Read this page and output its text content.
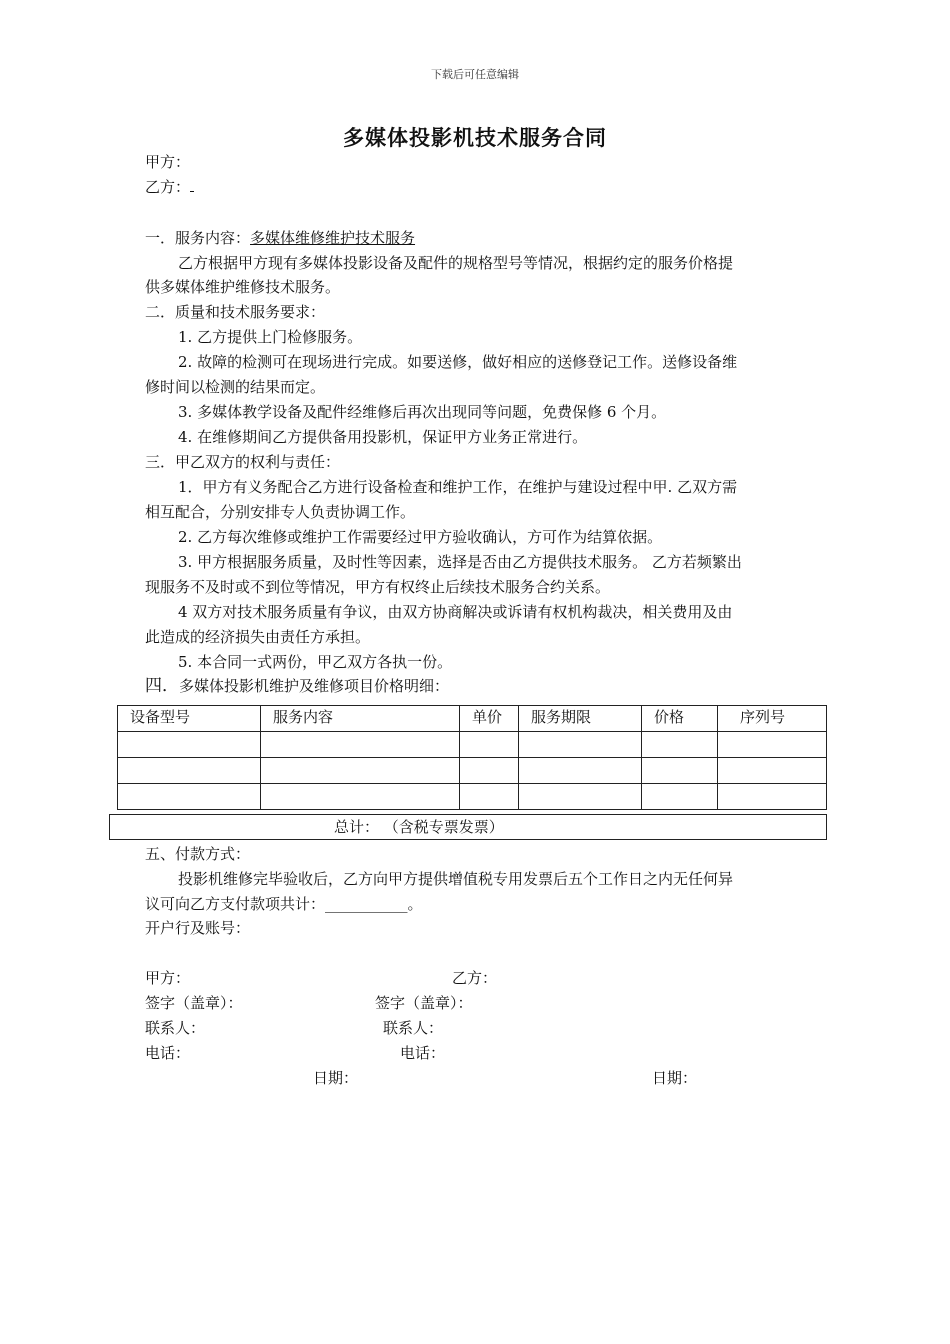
下载后可任意编辑
多媒体投影机技术服务合同
甲方：
乙方：
一．服务内容：多媒体维修维护技术服务
乙方根据甲方现有多媒体投影设备及配件的规格型号等情况，根据约定的服务价格提
供多媒体维护维修技术服务。
二．质量和技术服务要求：
1. 乙方提供上门检修服务。
2. 故障的检测可在现场进行完成。如要送修，做好相应的送修登记工作。送修设备维
修时间以检测的结果而定。
3. 多媒体教学设备及配件经维修后再次出现同等问题，免费保修 6 个月。
4. 在维修期间乙方提供备用投影机，保证甲方业务正常进行。
三．甲乙双方的权利与责任：
1．甲方有义务配合乙方进行设备检查和维护工作，在维护与建设过程中甲. 乙双方需
相互配合，分别安排专人负责协调工作。
2. 乙方每次维修或维护工作需要经过甲方验收确认，方可作为结算依据。
3. 甲方根据服务质量，及时性等因素，选择是否由乙方提供技术服务。 乙方若频繁出
现服务不及时或不到位等情况，甲方有权终止后续技术服务合约关系。
4 双方对技术服务质量有争议，由双方协商解决或诉请有权机构裁决，相关费用及由
此造成的经济损失由责任方承担。
5. 本合同一式两份，甲乙双方各执一份。
四．多媒体投影机维护及维修项目价格明细：
设备型号	服务内容	单价	服务期限	价格	序列号

总计： （含税专票发票）
五、付款方式：
投影机维修完毕验收后，乙方向甲方提供增值税专用发票后五个工作日之内无任何异
议可向乙方支付款项共计：___________。
开户行及账号：
甲方：	乙方：
签字（盖章）：	签字（盖章）：
联系人：	联系人：
电话：	电话：
日期：	日期：
